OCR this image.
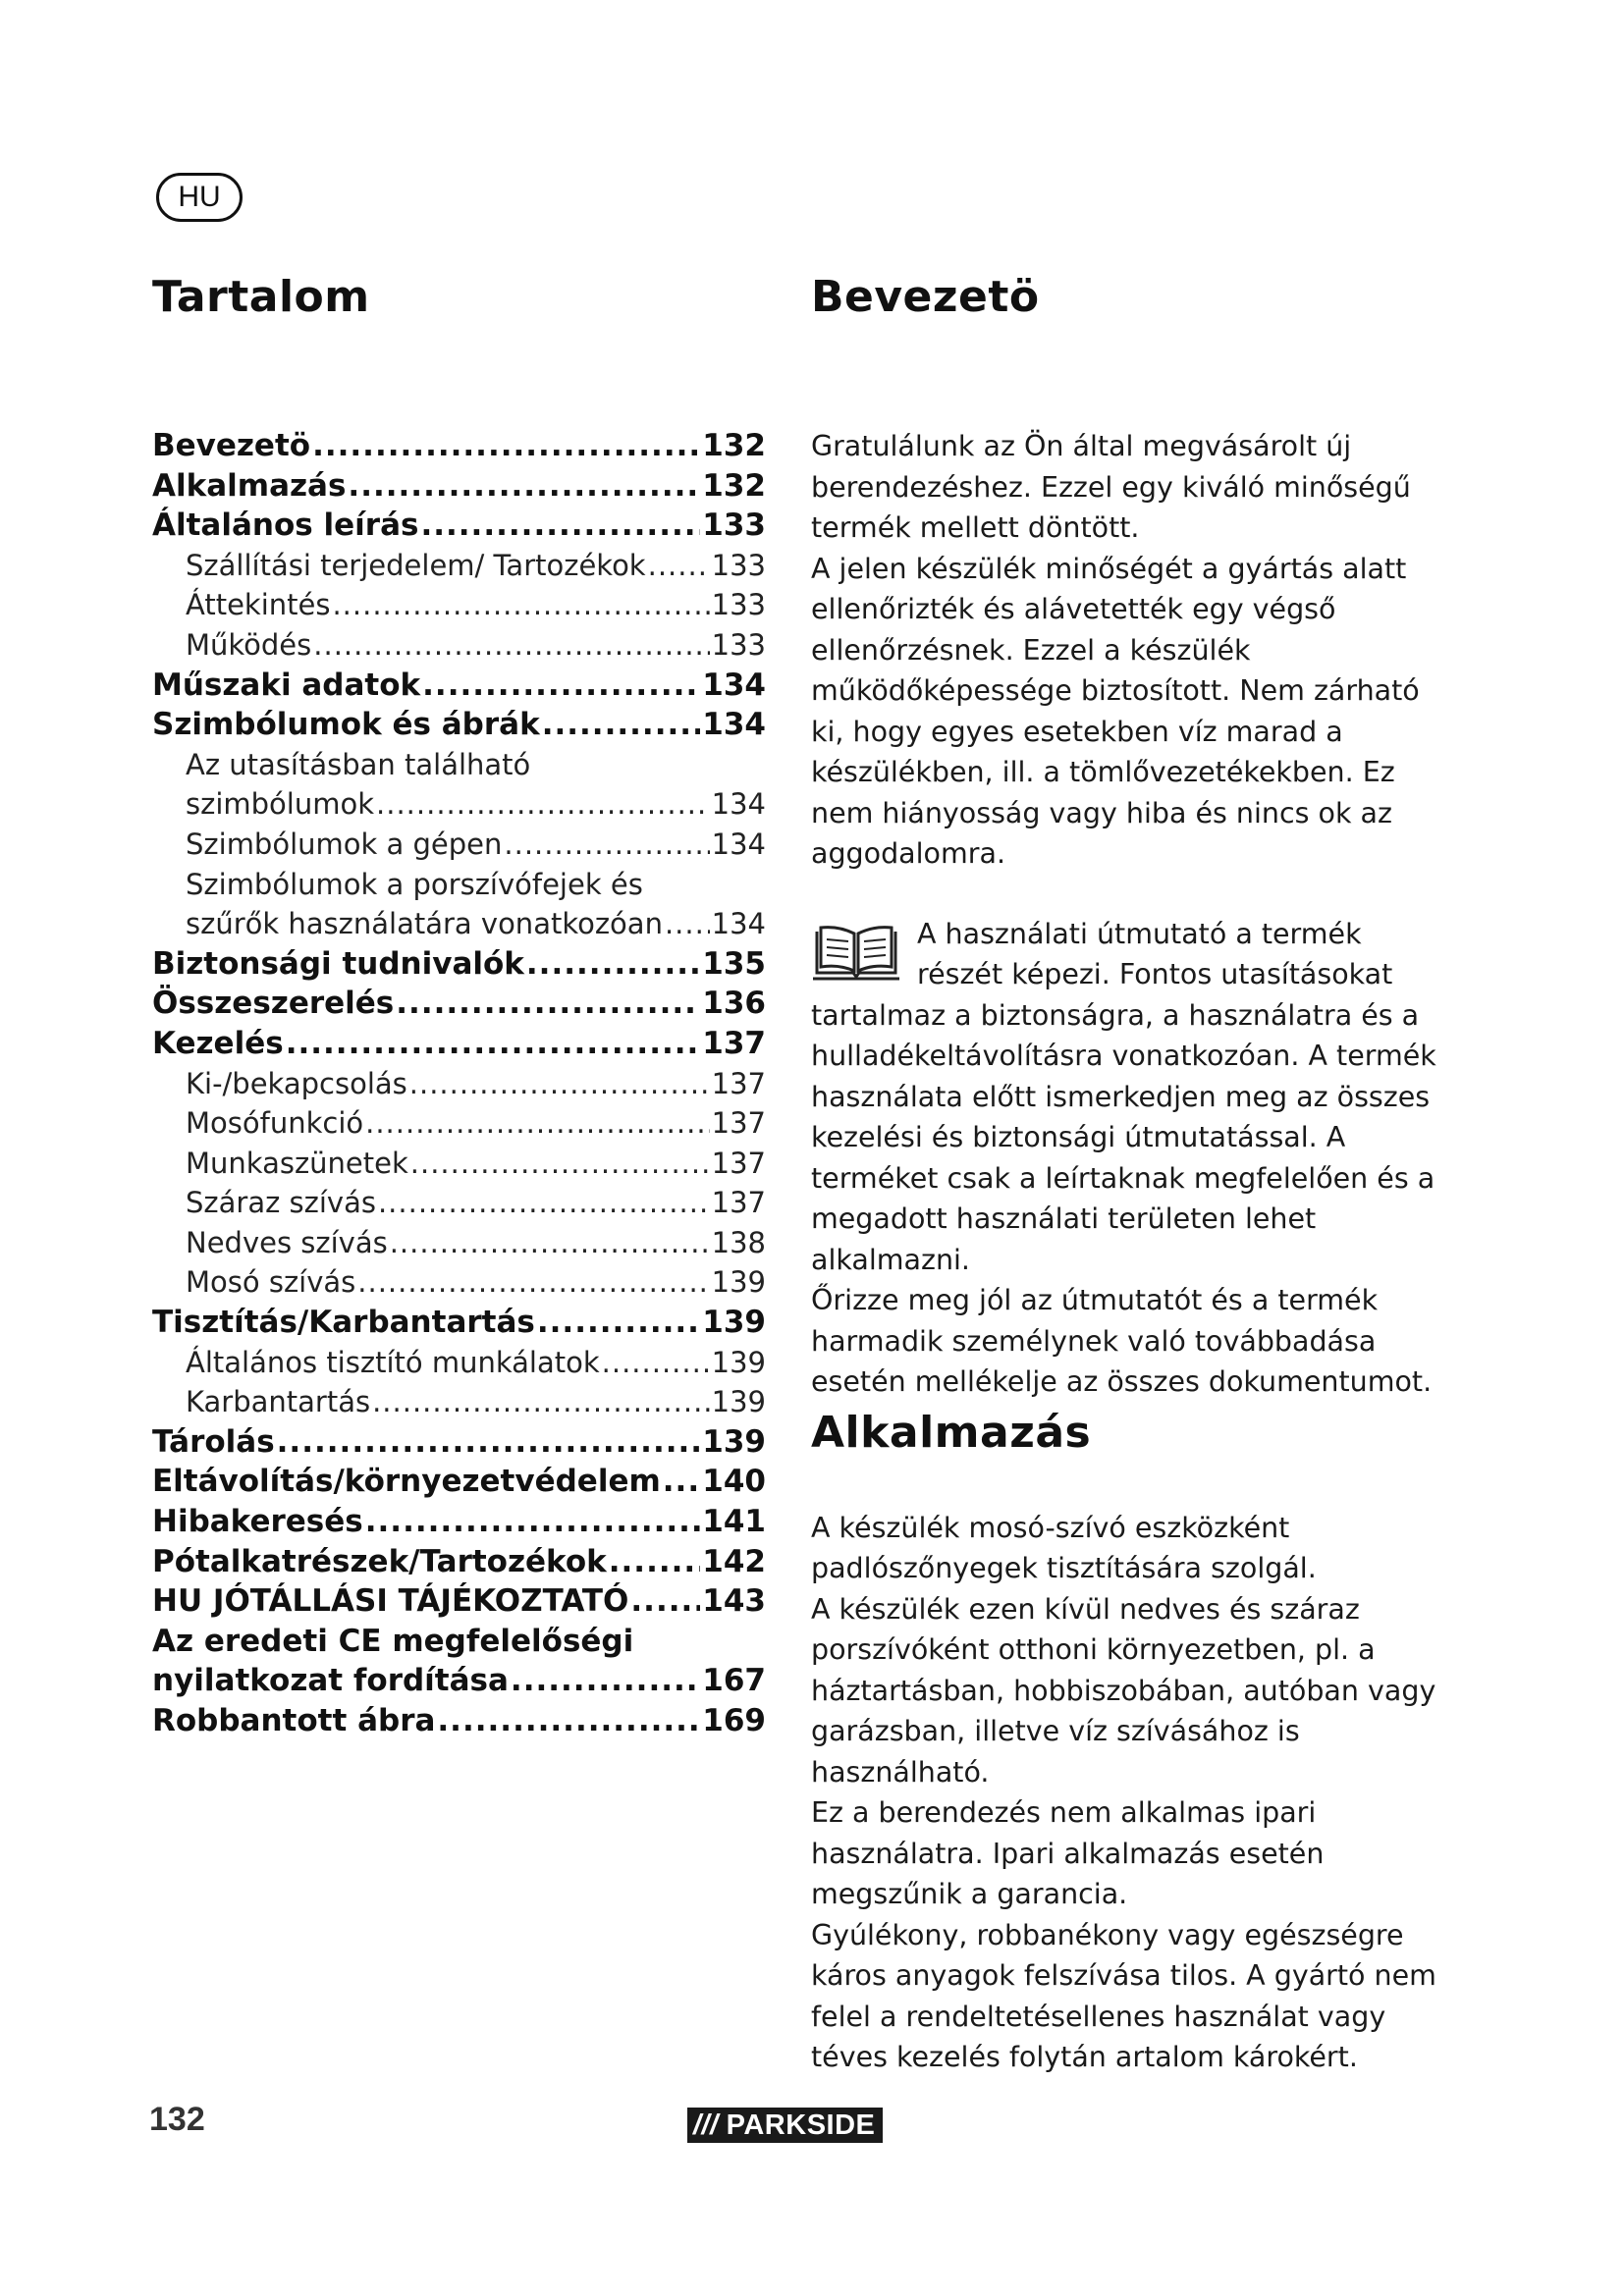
HU
Tartalom
Bevezetö .....	132
Alkalmazás .....	132
Általános leírás .....	133
Szállítási terjedelem/ Tartozékok ..... 133
Áttekintés .....	133
Működés .....	133
Műszaki adatok .....	134
Szimbólumok és ábrák .....	134
Az utasításban található
szimbólumok .....	134
Szimbólumok a gépen .....	134
Szimbólumok a porszívófejek és
szűrők használatára vonatkozóan ..... 134
Biztonsági tudnivalók .....	135
Összeszerelés .....	136
Kezelés .....	137
Ki-/bekapcsolás .....	137
Mosófunkció .....	137
Munkaszünetek .....	137
Száraz szívás .....	137
Nedves szívás .....	138
Mosó szívás .....	139
Tisztítás/Karbantartás .....	139
Általános tisztító munkálatok .....	139
Karbantartás .....	139
Tárolás .....	139
Eltávolítás/környezetvédelem ..... 140
Hibakeresés .....	141
Pótalkatrészek/Tartozékok .....	142
HU JÓTÁLLÁSI TÁJÉKOZTATÓ ..... 143
Az eredeti CE megfelelőségi
nyilatkozat fordítása .....	167
Robbantott ábra .....	169
Bevezetö

Gratulálunk az Ön által megvásárolt új berendezéshez. Ezzel egy kiváló minőségű termék mellett döntött.

A jelen készülék minőségét a gyártás alatt ellenőrizték és alávetették egy végső ellenőrzésnek. Ezzel a készülék működőképessége biztosított. Nem zárható ki, hogy egyes esetekben víz marad a készülékben, ill. a tömlővezetékekben. Ez nem hiányosság vagy hiba és nincs ok az aggodalomra.

A használati útmutató a termék részét képezi. Fontos utasításokat tartalmaz a biztonságra, a használatra és a hulladékeltávolításra vonatkozóan. A termék használata előtt ismerkedjen meg az összes kezelési és biztonsági útmutatással. A terméket csak a leírtaknak megfelelően és a megadott használati területen lehet alkalmazni.

Őrizze meg jól az útmutatót és a termék harmadik személynek való továbbadása esetén mellékelje az összes dokumentumot.

Alkalmazás

A készülék mosó-szívó eszközként padlószőnyegek tisztítására szolgál.

A készülék ezen kívül nedves és száraz porszívóként otthoni környezetben, pl. a háztartásban, hobbiszobában, autóban vagy garázsban, illetve víz szívásához is használható.

Ez a berendezés nem alkalmas ipari használatra. Ipari alkalmazás esetén megszűnik a garancia.

Gyúlékony, robbanékony vagy egészségre káros anyagok felszívása tilos. A gyártó nem felel a rendeltetésellenes használat vagy téves kezelés folytán artalom károkért.

132	/// PARKSIDE
